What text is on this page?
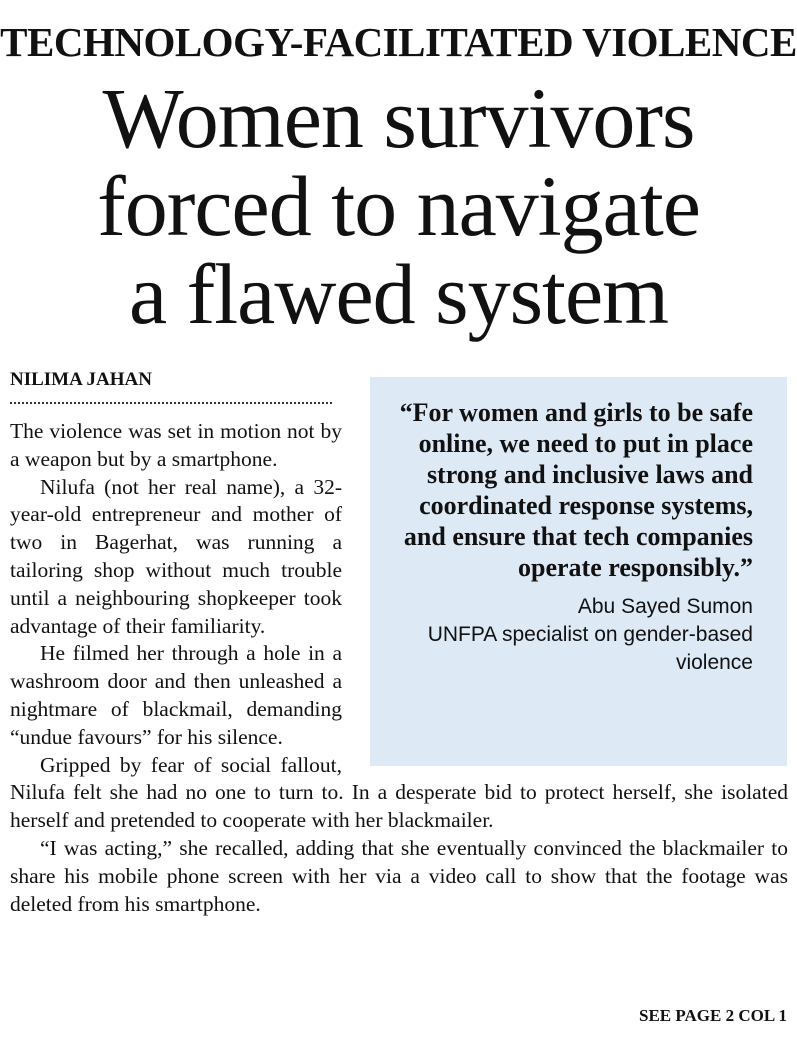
TECHNOLOGY-FACILITATED VIOLENCE
Women survivors
forced to navigate
a flawed system
NILIMA JAHAN

The violence was set in motion not by a weapon but by a smartphone.

Nilufa (not her real name), a 32-year-old entrepreneur and mother of two in Bagerhat, was running a tailoring shop without much trouble until a neighbouring shopkeeper took advantage of their familiarity.

He filmed her through a hole in a washroom door and then unleashed a nightmare of blackmail, demanding “undue favours” for his silence.

Gripped by fear of social fallout, Nilufa felt she had no one to turn to. In a desperate bid to protect herself, she isolated herself and pretended to cooperate with her blackmailer.

“I was acting,” she recalled, adding that she eventually convinced the blackmailer to share his mobile phone screen with her via a video call to show that the footage was deleted from his smartphone.

“For women and girls to be safe online, we need to put in place strong and inclusive laws and coordinated response systems, and ensure that tech companies operate responsibly.”
Abu Sayed Sumon
UNFPA specialist on gender-based violence
SEE PAGE 2 COL 1
